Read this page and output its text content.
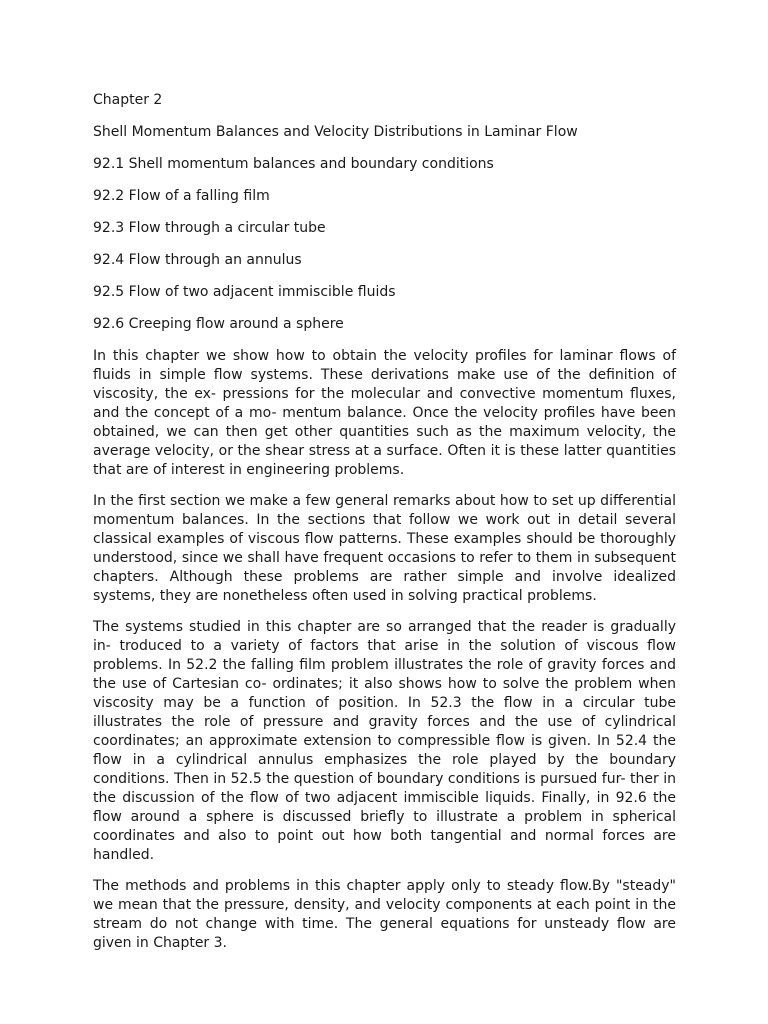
Chapter 2

Shell Momentum Balances and Velocity Distributions in Laminar Flow

92.1 Shell momentum balances and boundary conditions
92.2 Flow of a falling film
92.3 Flow through a circular tube
92.4 Flow through an annulus
92.5 Flow of two adjacent immiscible fluids
92.6 Creeping flow around a sphere

In this chapter we show how to obtain the velocity profiles for laminar flows of fluids in simple flow systems. These derivations make use of the definition of viscosity, the ex- pressions for the molecular and convective momentum fluxes, and the concept of a mo- mentum balance. Once the velocity profiles have been obtained, we can then get other quantities such as the maximum velocity, the average velocity, or the shear stress at a surface. Often it is these latter quantities that are of interest in engineering problems.

In the first section we make a few general remarks about how to set up differential momentum balances. In the sections that follow we work out in detail several classical examples of viscous flow patterns. These examples should be thoroughly understood, since we shall have frequent occasions to refer to them in subsequent chapters. Although these problems are rather simple and involve idealized systems, they are nonetheless often used in solving practical problems.

The systems studied in this chapter are so arranged that the reader is gradually in- troduced to a variety of factors that arise in the solution of viscous flow problems. In 52.2 the falling film problem illustrates the role of gravity forces and the use of Cartesian co- ordinates; it also shows how to solve the problem when viscosity may be a function of position. In 52.3 the flow in a circular tube illustrates the role of pressure and gravity forces and the use of cylindrical coordinates; an approximate extension to compressible flow is given. In 52.4 the flow in a cylindrical annulus emphasizes the role played by the boundary conditions. Then in 52.5 the question of boundary conditions is pursued fur- ther in the discussion of the flow of two adjacent immiscible liquids. Finally, in 92.6 the flow around a sphere is discussed briefly to illustrate a problem in spherical coordinates and also to point out how both tangential and normal forces are handled.

The methods and problems in this chapter apply only to steady flow.By "steady" we mean that the pressure, density, and velocity components at each point in the stream do not change with time. The general equations for unsteady flow are given in Chapter 3.
